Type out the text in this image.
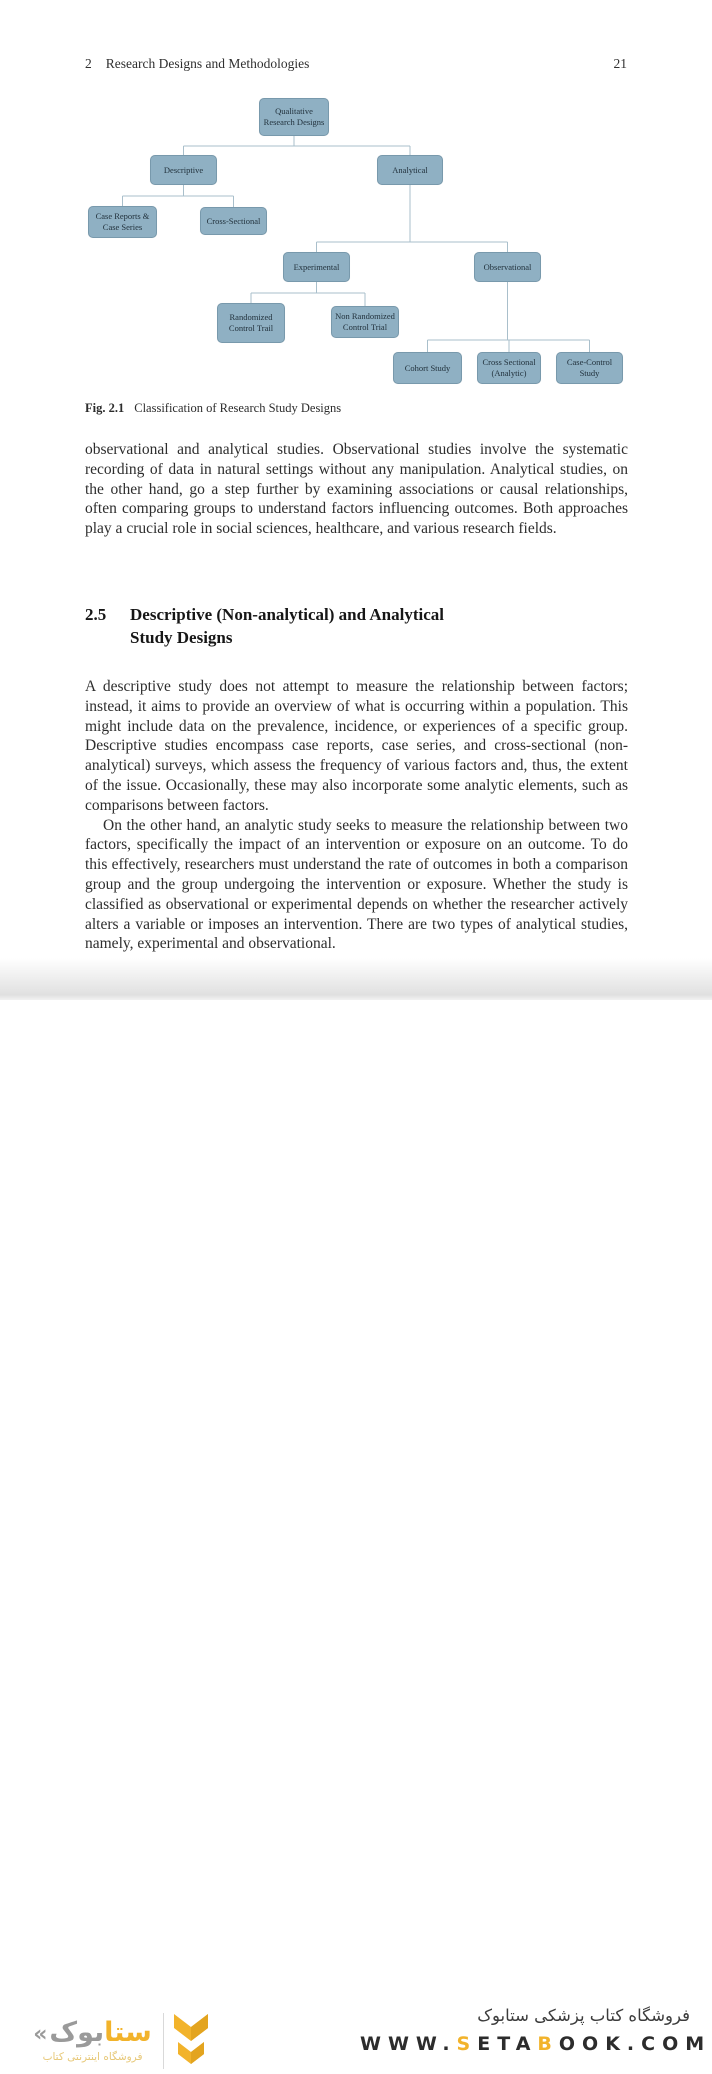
2 Research Designs and Methodologies	21
Qualitative Research Designs
Descriptive	Analytical
Case Reports & Case Series
Cross-Sectional
Experimental	Observational
Randomized Control Trail
Non Randomized Control Trial
Cohort Study
Cross Sectional (Analytic)
Case-Control Study
Fig. 2.1 Classification of Research Study Designs
observational and analytical studies. Observational studies involve the systematic recording of data in natural settings without any manipulation. Analytical studies, on the other hand, go a step further by examining associations or causal relationships, often comparing groups to understand factors influencing outcomes. Both approaches play a crucial role in social sciences, healthcare, and various research fields.
2.5	Descriptive (Non-analytical) and Analytical
Study Designs
A descriptive study does not attempt to measure the relationship between factors; instead, it aims to provide an overview of what is occurring within a population. This might include data on the prevalence, incidence, or experiences of a specific group. Descriptive studies encompass case reports, case series, and cross-sectional (non-analytical) surveys, which assess the frequency of various factors and, thus, the extent of the issue. Occasionally, these may also incorporate some analytic elements, such as comparisons between factors.
On the other hand, an analytic study seeks to measure the relationship between two factors, specifically the impact of an intervention or exposure on an outcome. To do this effectively, researchers must understand the rate of outcomes in both a comparison group and the group undergoing the intervention or exposure. Whether the study is classified as observational or experimental depends on whether the researcher actively alters a variable or imposes an intervention. There are two types of analytical studies, namely, experimental and observational.
« بوک ستا
فروشگاه اینترنتی کتاب
فروشگاه کتاب پزشکی ستابوک
WWW.SETABOOK.COM
